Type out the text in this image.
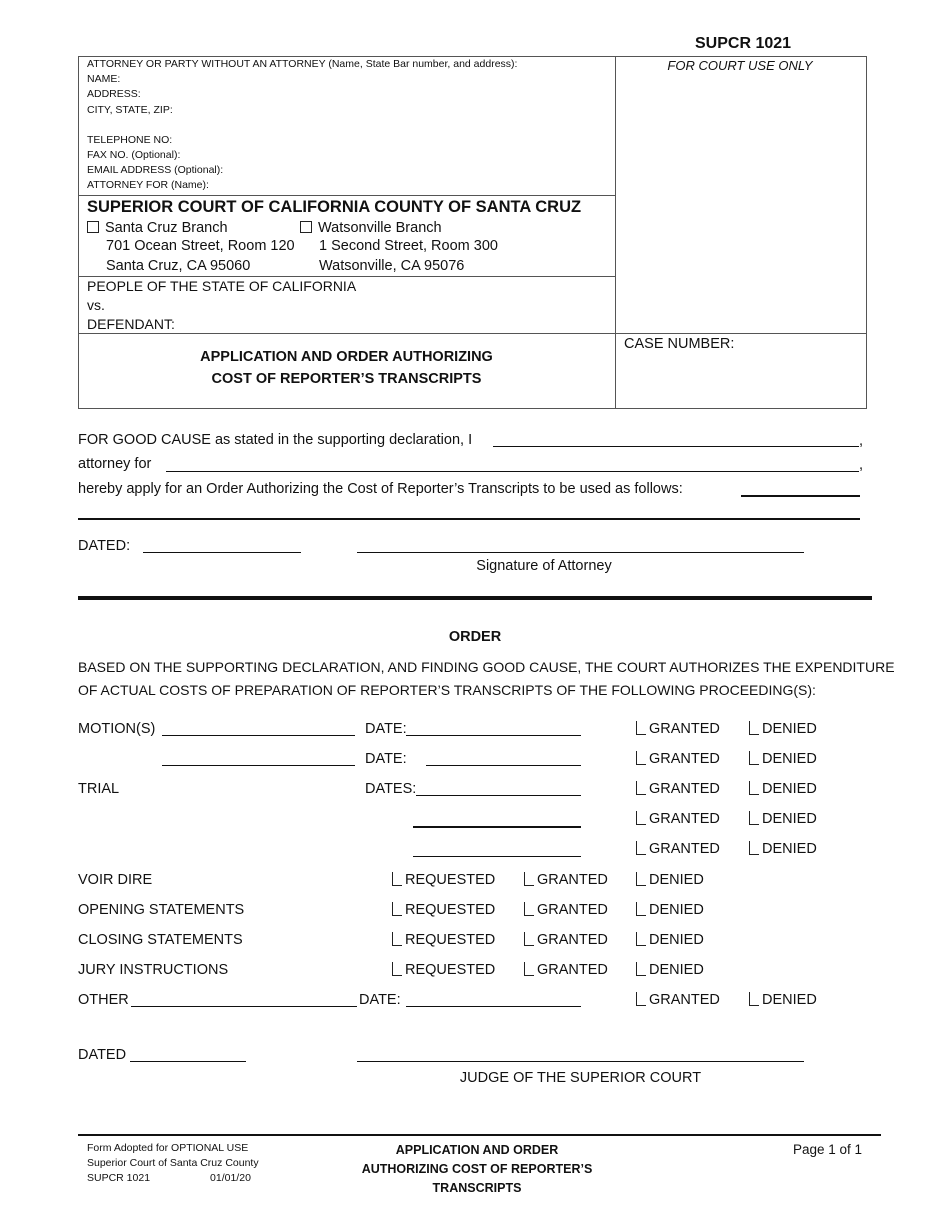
SUPCR 1021
ATTORNEY OR PARTY WITHOUT AN ATTORNEY (Name, State Bar number, and address):
NAME:
ADDRESS:
CITY, STATE, ZIP:
TELEPHONE NO:
FAX NO. (Optional):
EMAIL ADDRESS (Optional):
ATTORNEY FOR (Name):
FOR COURT USE ONLY
SUPERIOR COURT OF CALIFORNIA COUNTY OF SANTA CRUZ
Santa Cruz Branch
701 Ocean Street, Room 120
Santa Cruz, CA 95060
Watsonville Branch
1 Second Street, Room 300
Watsonville, CA 95076
PEOPLE OF THE STATE OF CALIFORNIA
vs.
DEFENDANT:
APPLICATION AND ORDER AUTHORIZING
COST OF REPORTER’S TRANSCRIPTS
CASE NUMBER:
FOR GOOD CAUSE as stated in the supporting declaration, I	,
attorney for	,
hereby apply for an Order Authorizing the Cost of Reporter’s Transcripts to be used as follows:
DATED:
Signature of Attorney
ORDER
BASED ON THE SUPPORTING DECLARATION, AND FINDING GOOD CAUSE, THE COURT AUTHORIZES THE EXPENDITURE
OF ACTUAL COSTS OF PREPARATION OF REPORTER’S TRANSCRIPTS OF THE FOLLOWING PROCEEDING(S):
MOTION(S)	DATE:	GRANTED	DENIED
DATE:	GRANTED	DENIED
TRIAL	DATES:	GRANTED	DENIED
GRANTED	DENIED
GRANTED	DENIED
VOIR DIRE	REQUESTED	GRANTED	DENIED
OPENING STATEMENTS	REQUESTED	GRANTED	DENIED
CLOSING STATEMENTS	REQUESTED	GRANTED	DENIED
JURY INSTRUCTIONS	REQUESTED	GRANTED	DENIED
OTHER	DATE:	GRANTED	DENIED
DATED
JUDGE OF THE SUPERIOR COURT
Form Adopted for OPTIONAL USE
Superior Court of Santa Cruz County
SUPCR 1021	01/01/20
APPLICATION AND ORDER
AUTHORIZING COST OF REPORTER’S
TRANSCRIPTS
Page 1 of 1
